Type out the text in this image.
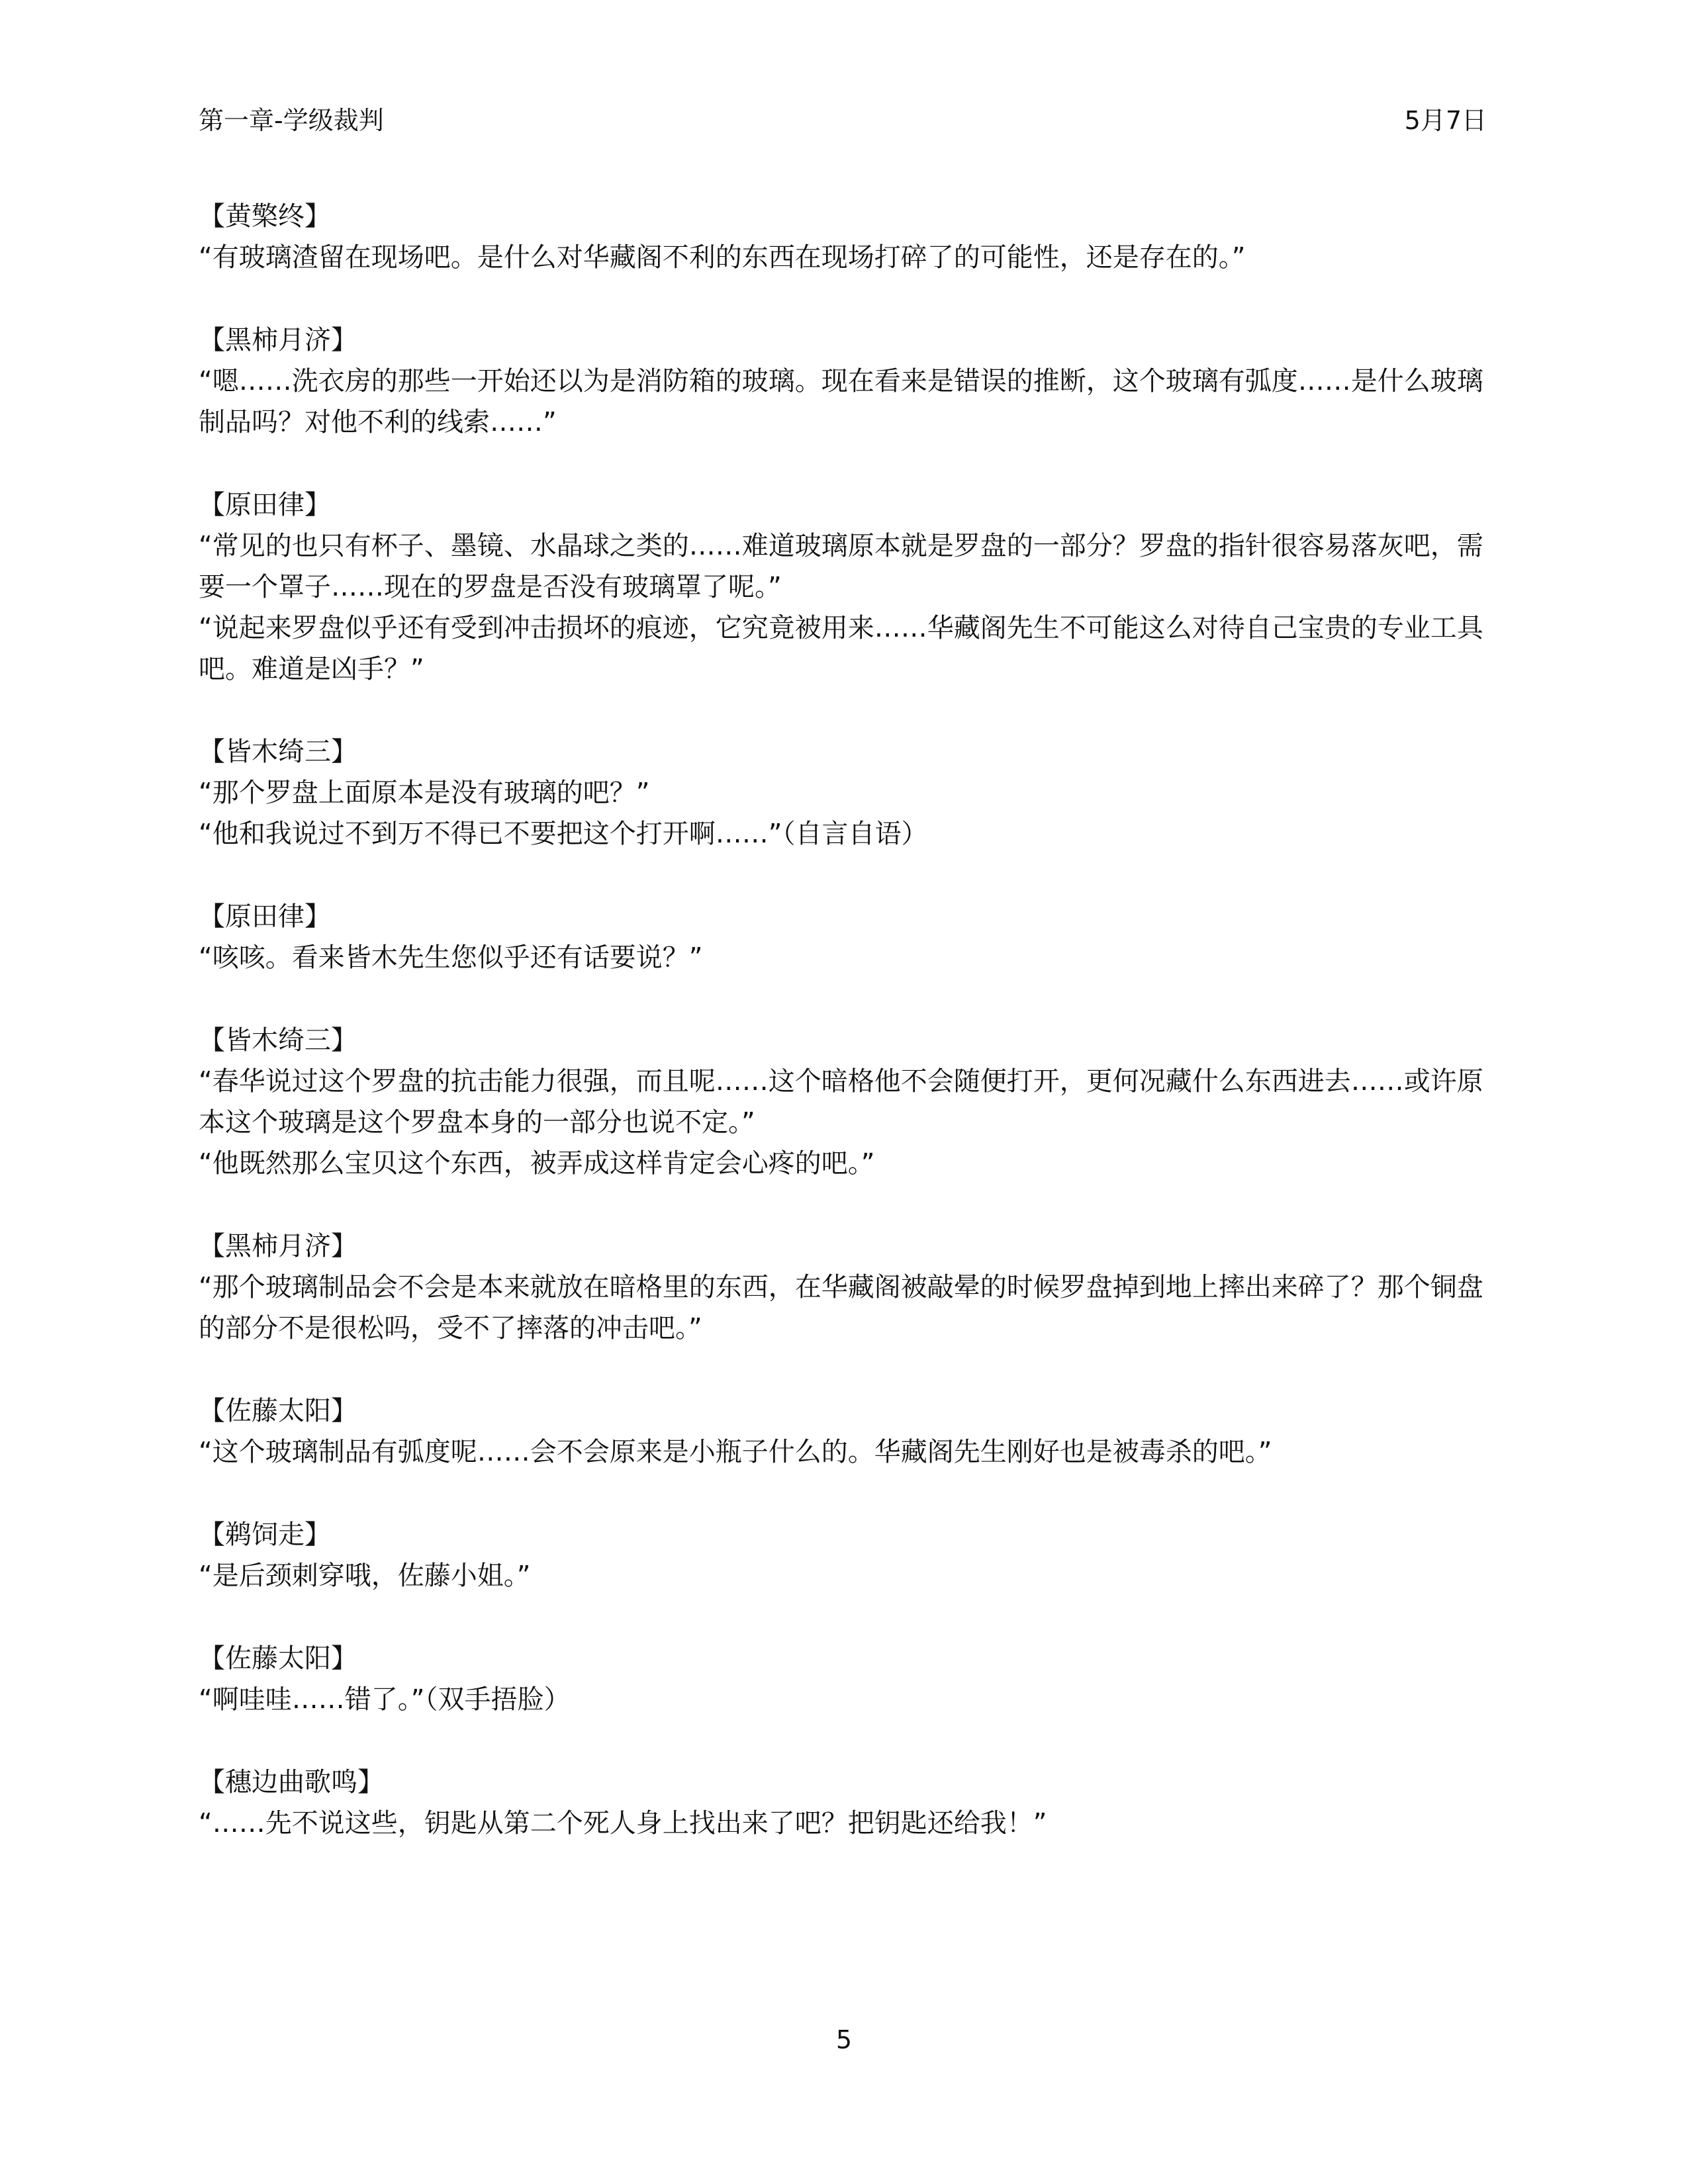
第一章-学级裁判	5月7日

【黄檠终】

“有玻璃渣留在现场吧。是什么对华藏阁不利的东西在现场打碎了的可能性，还是存在的。”

【黑柿月济】

“嗯……洗衣房的那些一开始还以为是消防箱的玻璃。现在看来是错误的推断，这个玻璃有弧度……是什么玻璃制品吗？对他不利的线索……”

【原田律】

“常见的也只有杯子、墨镜、水晶球之类的……难道玻璃原本就是罗盘的一部分？罗盘的指针很容易落灰吧，需要一个罩子……现在的罗盘是否没有玻璃罩了呢。”

“说起来罗盘似乎还有受到冲击损坏的痕迹，它究竟被用来……华藏阁先生不可能这么对待自己宝贵的专业工具吧。难道是凶手？”

【皆木绮三】

“那个罗盘上面原本是没有玻璃的吧？”

“他和我说过不到万不得已不要把这个打开啊……”（自言自语）

【原田律】

“咳咳。看来皆木先生您似乎还有话要说？”

【皆木绮三】

“春华说过这个罗盘的抗击能力很强，而且呢……这个暗格他不会随便打开，更何况藏什么东西进去……或许原本这个玻璃是这个罗盘本身的一部分也说不定。”

“他既然那么宝贝这个东西，被弄成这样肯定会心疼的吧。”

【黑柿月济】

“那个玻璃制品会不会是本来就放在暗格里的东西，在华藏阁被敲晕的时候罗盘掉到地上摔出来碎了？那个铜盘的部分不是很松吗，受不了摔落的冲击吧。”

【佐藤太阳】

“这个玻璃制品有弧度呢……会不会原来是小瓶子什么的。华藏阁先生刚好也是被毒杀的吧。”

【鹈饲走】

“是后颈刺穿哦，佐藤小姐。”

【佐藤太阳】

“啊哇哇……错了。”（双手捂脸）

【穗边曲歌鸣】

“……先不说这些，钥匙从第二个死人身上找出来了吧？把钥匙还给我！”

5
